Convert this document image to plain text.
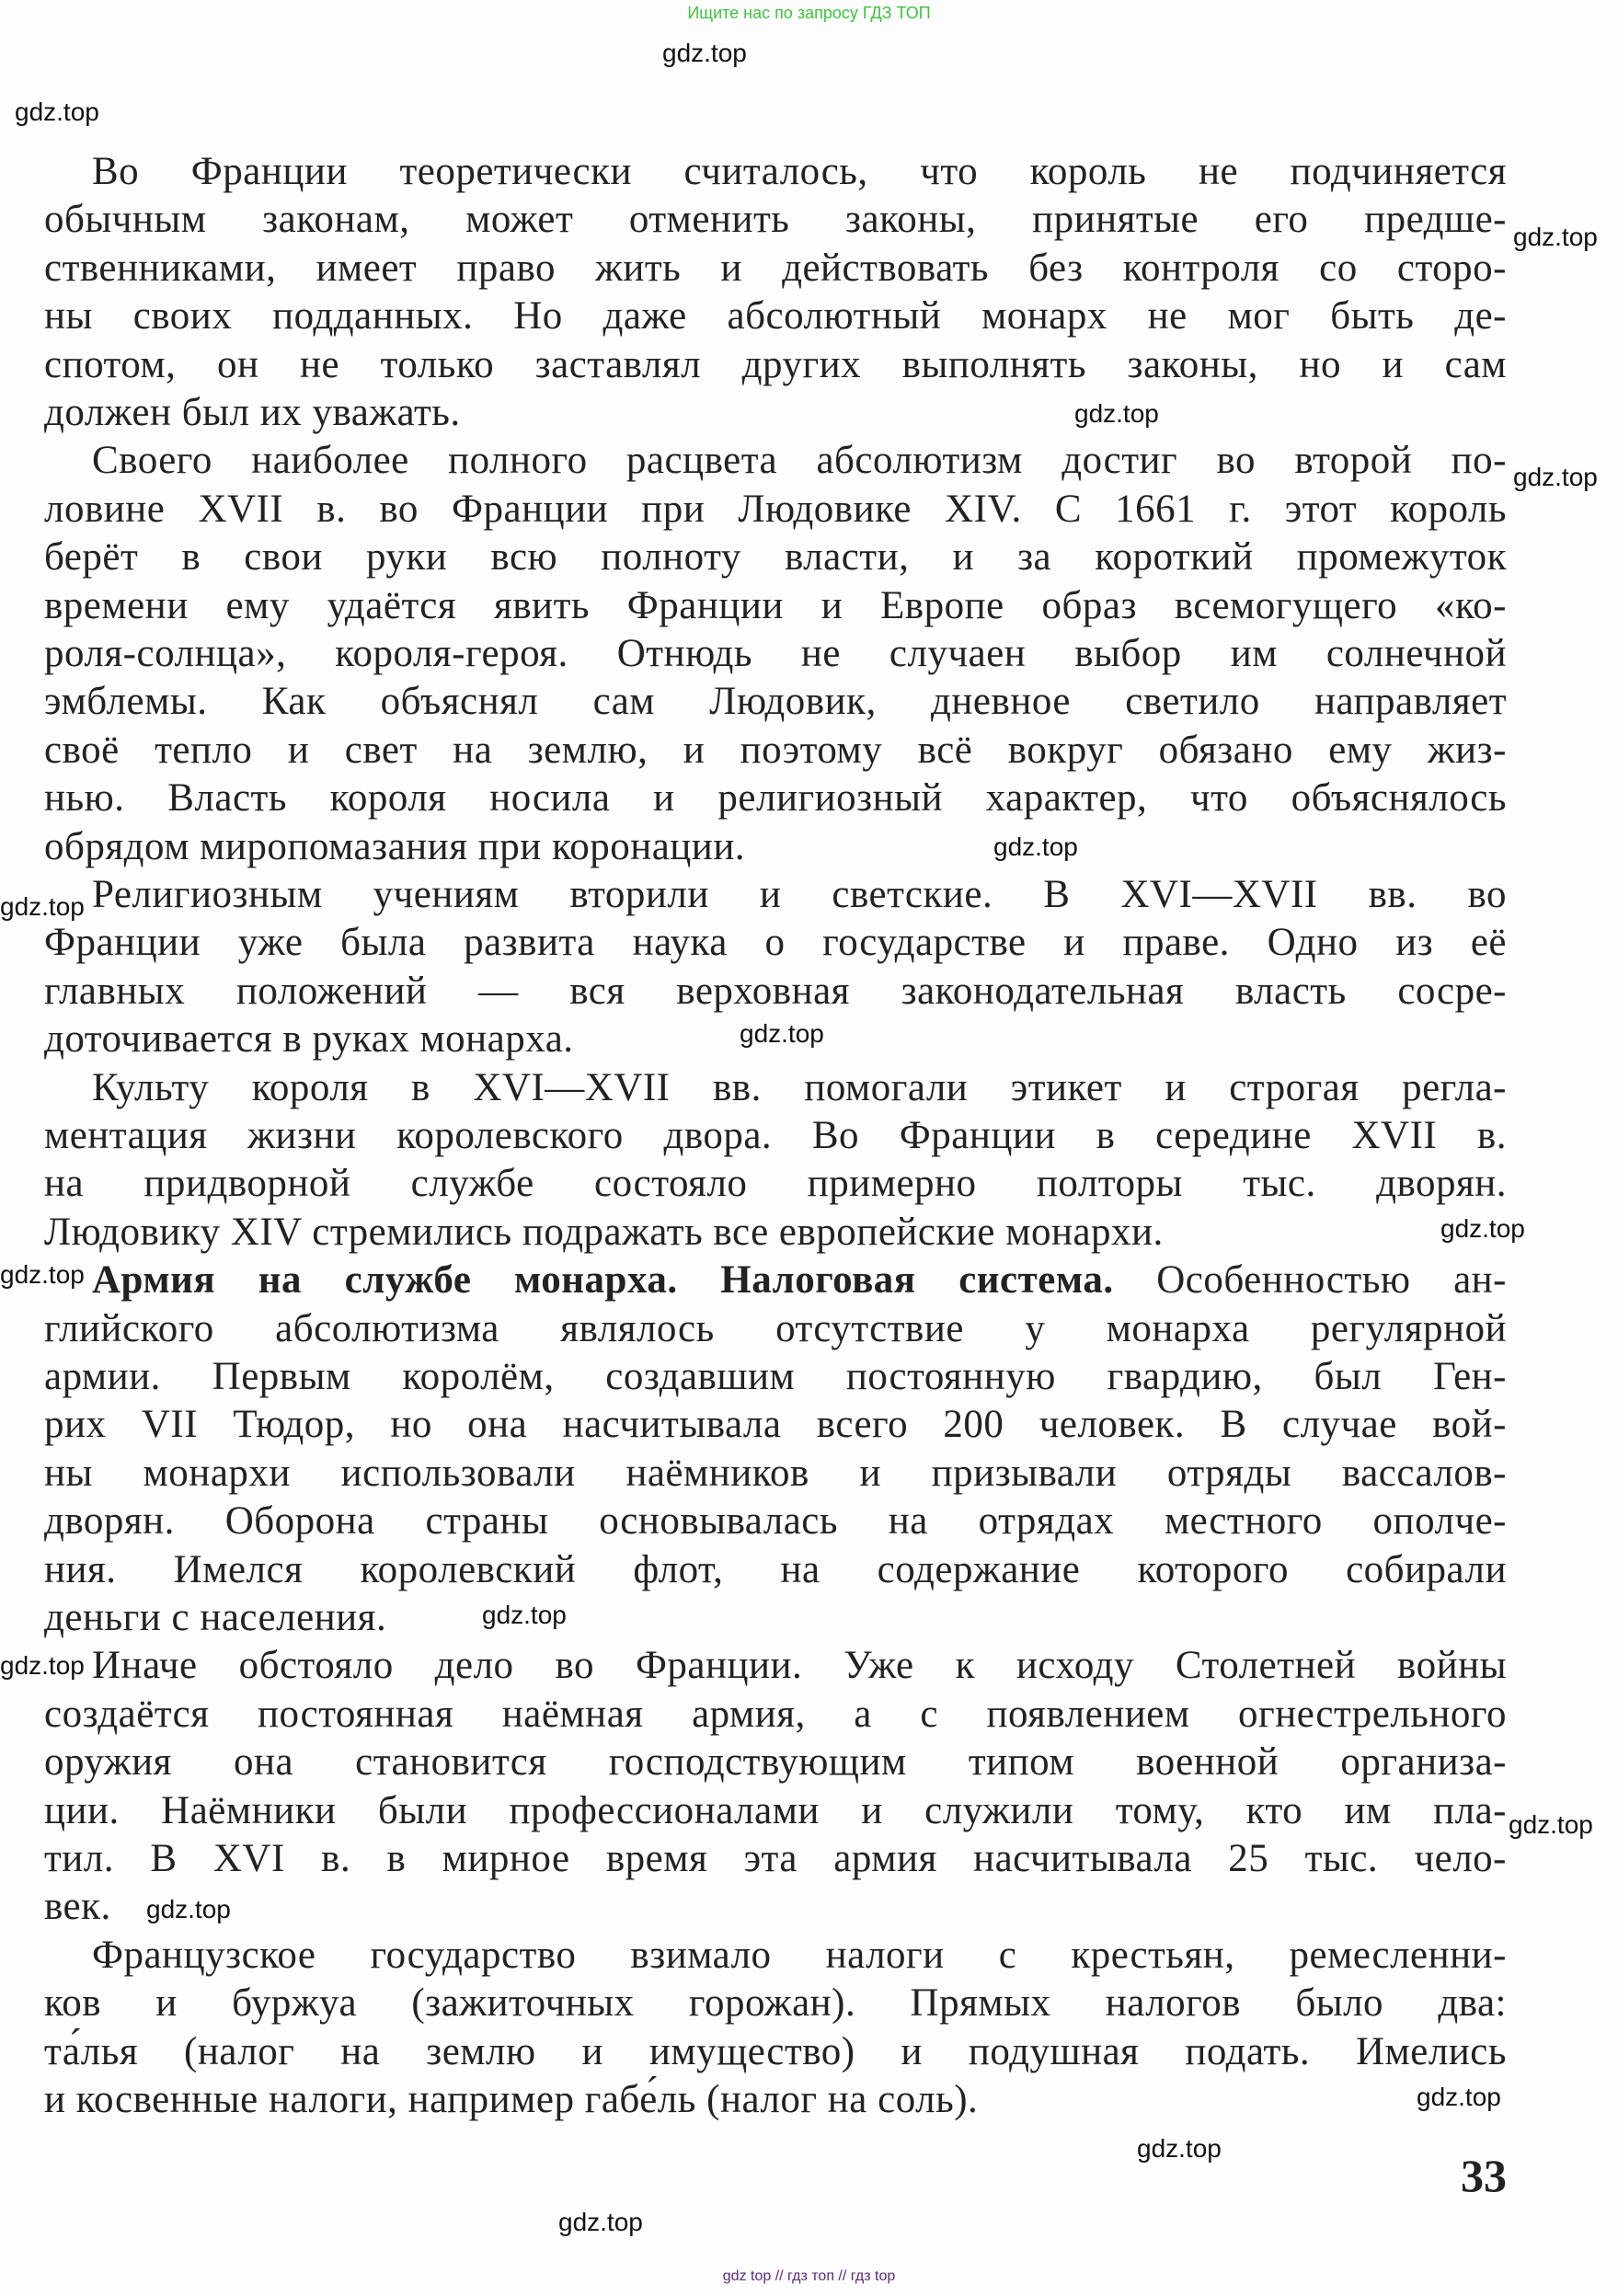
Ищите нас по запросу ГДЗ ТОП
Во Франции теоретически считалось, что король не подчиняется
обычным законам, может отменить законы, принятые его предше-
ственниками, имеет право жить и действовать без контроля со сторо-
ны своих подданных. Но даже абсолютный монарх не мог быть де-
спотом, он не только заставлял других выполнять законы, но и сам
должен был их уважать.
Своего наиболее полного расцвета абсолютизм достиг во второй по-
ловине XVII в. во Франции при Людовике XIV. С 1661 г. этот король
берёт в свои руки всю полноту власти, и за короткий промежуток
времени ему удаётся явить Франции и Европе образ всемогущего «ко-
роля-солнца», короля-героя. Отнюдь не случаен выбор им солнечной
эмблемы. Как объяснял сам Людовик, дневное светило направляет
своё тепло и свет на землю, и поэтому всё вокруг обязано ему жиз-
нью. Власть короля носила и религиозный характер, что объяснялось
обрядом миропомазания при коронации.
Религиозным учениям вторили и светские. В XVI—XVII вв. во
Франции уже была развита наука о государстве и праве. Одно из её
главных положений — вся верховная законодательная власть сосре-
доточивается в руках монарха.
Культу короля в XVI—XVII вв. помогали этикет и строгая регла-
ментация жизни королевского двора. Во Франции в середине XVII в.
на придворной службе состояло примерно полторы тыс. дворян.
Людовику XIV стремились подражать все европейские монархи.
Армия на службе монарха. Налоговая система. Особенностью ан-
глийского абсолютизма являлось отсутствие у монарха регулярной
армии. Первым королём, создавшим постоянную гвардию, был Ген-
рих VII Тюдор, но она насчитывала всего 200 человек. В случае вой-
ны монархи использовали наёмников и призывали отряды вассалов-
дворян. Оборона страны основывалась на отрядах местного ополче-
ния. Имелся королевский флот, на содержание которого собирали
деньги с населения.
Иначе обстояло дело во Франции. Уже к исходу Столетней войны
создаётся постоянная наёмная армия, а с появлением огнестрельного
оружия она становится господствующим типом военной организа-
ции. Наёмники были профессионалами и служили тому, кто им пла-
тил. В XVI в. в мирное время эта армия насчитывала 25 тыс. чело-
век.
Французское государство взимало налоги с крестьян, ремесленни-
ков и буржуа (зажиточных горожан). Прямых налогов было два:
та́лья (налог на землю и имущество) и подушная подать. Имелись
и косвенные налоги, например габе́ль (налог на соль).
gdz.top
gdz.top
gdz.top
gdz.top
gdz.top
gdz.top
gdz.top
gdz.top
gdz.top
gdz.top
gdz.top
gdz.top
gdz.top
gdz.top
gdz.top
gdz.top
gdz.top
33
gdz top // гдз топ // гдз top
